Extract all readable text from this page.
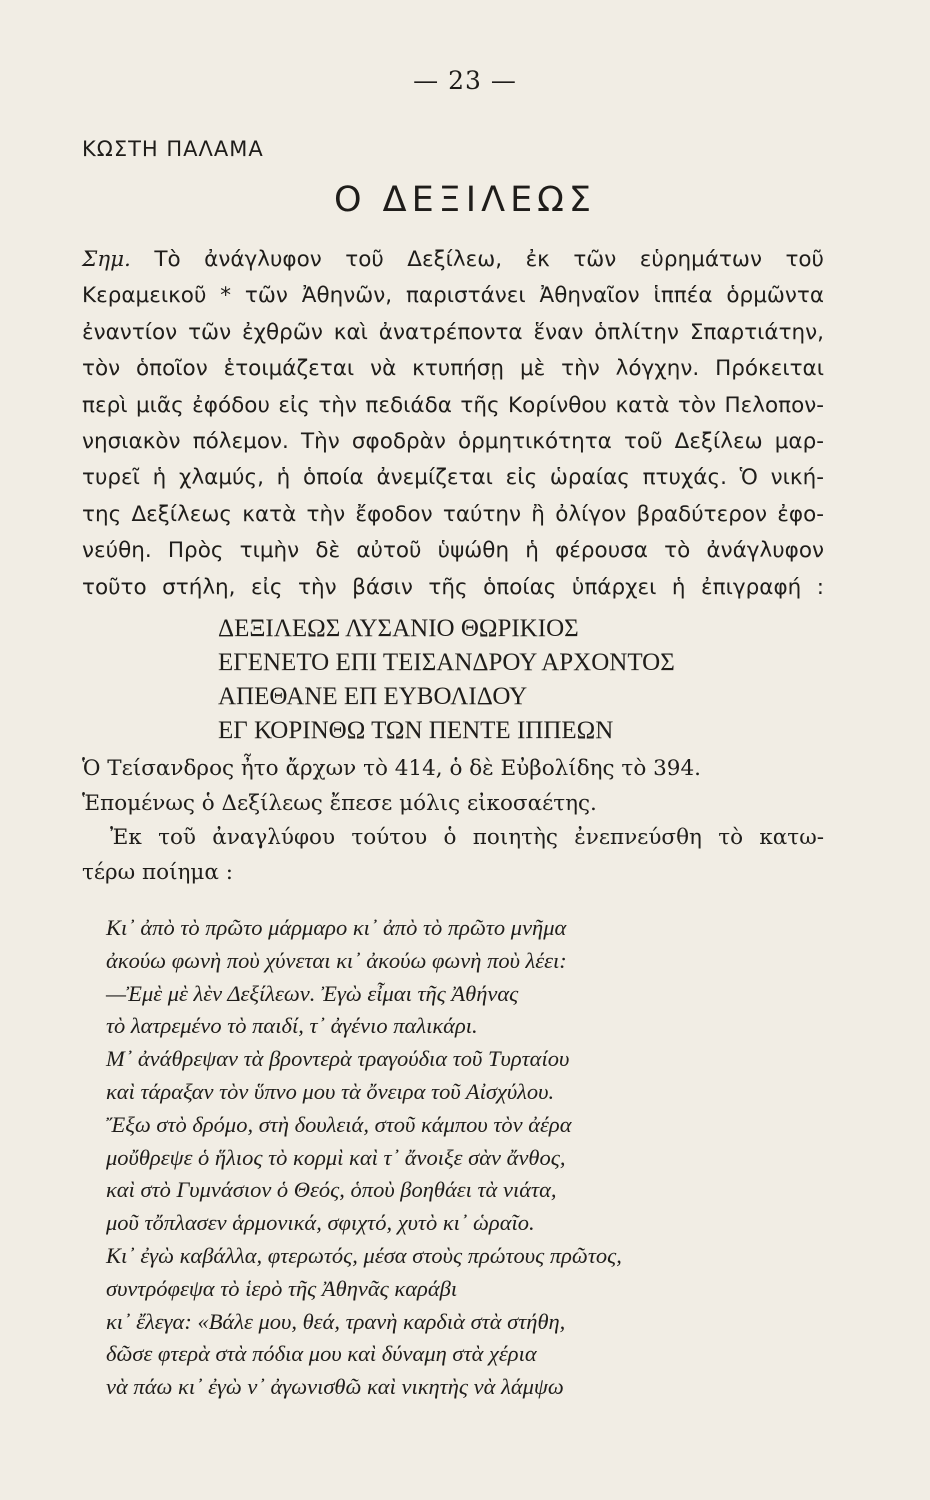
— 23 —
ΚΩΣΤΗ ΠΑΛΑΜΑ
Ο ΔΕΞΙΛΕΩΣ
Σημ. Τὸ ἀνάγλυφον τοῦ Δεξίλεω, ἐκ τῶν εὑρημάτων τοῦ
Κεραμεικοῦ * τῶν Ἀθηνῶν, παριστάνει Ἀθηναῖον ἱππέα ὁρμῶντα
ἐναντίον τῶν ἐχθρῶν καὶ ἀνατρέποντα ἕναν ὁπλίτην Σπαρτιάτην,
τὸν ὁποῖον ἑτοιμάζεται νὰ κτυπήσῃ μὲ τὴν λόγχην. Πρόκειται
περὶ μιᾶς ἐφόδου εἰς τὴν πεδιάδα τῆς Κορίνθου κατὰ τὸν Πελοπον-
νησιακὸν πόλεμον. Τὴν σφοδρὰν ὁρμητικότητα τοῦ Δεξίλεω μαρ-
τυρεῖ ἡ χλαμύς, ἡ ὁποία ἀνεμίζεται εἰς ὡραίας πτυχάς. Ὁ νική-
της Δεξίλεως κατὰ τὴν ἔφοδον ταύτην ἢ ὀλίγον βραδύτερον ἐφο-
νεύθη. Πρὸς τιμὴν δὲ αὐτοῦ ὑψώθη ἡ φέρουσα τὸ ἀνάγλυφον
τοῦτο στήλη, εἰς τὴν βάσιν τῆς ὁποίας ὑπάρχει ἡ ἐπιγραφή :
ΔΕΞΙΛΕΩΣ ΛΥΣΑΝΙΟ ΘΩΡΙΚΙΟΣ
ΕΓΕΝΕΤΟ ΕΠΙ ΤΕΙΣΑΝΔΡΟΥ ΑΡΧΟΝΤΟΣ
ΑΠΕΘΑΝΕ ΕΠ ΕΥΒΟΛΙΔΟΥ
ΕΓ ΚΟΡΙΝΘΩ ΤΩΝ ΠΕΝΤΕ ΙΠΠΕΩΝ
Ὁ Τείσανδρος ἦτο ἄρχων τὸ 414, ὁ δὲ Εὐβολίδης τὸ 394.
Ἑπομένως ὁ Δεξίλεως ἔπεσε μόλις εἰκοσαέτης.
Ἐκ τοῦ ἀναγλύφου τούτου ὁ ποιητὴς ἐνεπνεύσθη τὸ κατω-
τέρω ποίημα :
Κι᾽ ἀπὸ τὸ πρῶτο μάρμαρο κι᾽ ἀπὸ τὸ πρῶτο μνῆμα
ἀκούω φωνὴ ποὺ χύνεται κι᾽ ἀκούω φωνὴ ποὺ λέει:
—Ἐμὲ μὲ λὲν Δεξίλεων. Ἐγὼ εἶμαι τῆς Ἀθήνας
τὸ λατρεμένο τὸ παιδί, τ᾽ ἀγένιο παλικάρι.
Μ᾽ ἀνάθρεψαν τὰ βροντερὰ τραγούδια τοῦ Τυρταίου
καὶ τάραξαν τὸν ὕπνο μου τὰ ὄνειρα τοῦ Αἰσχύλου.
Ἔξω στὸ δρόμο, στὴ δουλειά, στοῦ κάμπου τὸν ἀέρα
μοὔθρεψε ὁ ἥλιος τὸ κορμὶ καὶ τ᾽ ἄνοιξε σὰν ἄνθος,
καὶ στὸ Γυμνάσιον ὁ Θεός, ὁποὺ βοηθάει τὰ νιάτα,
μοῦ τὄπλασεν ἁρμονικά, σφιχτό, χυτὸ κι᾽ ὡραῖο.
Κι᾽ ἐγὼ καβάλλα, φτερωτός, μέσα στοὺς πρώτους πρῶτος,
συντρόφεψα τὸ ἱερὸ τῆς Ἀθηνᾶς καράβι
κι᾽ ἔλεγα: «Βάλε μου, θεά, τρανὴ καρδιὰ στὰ στήθη,
δῶσε φτερὰ στὰ πόδια μου καὶ δύναμη στὰ χέρια
νὰ πάω κι᾽ ἐγὼ ν᾽ ἀγωνισθῶ καὶ νικητὴς νὰ λάμψω
